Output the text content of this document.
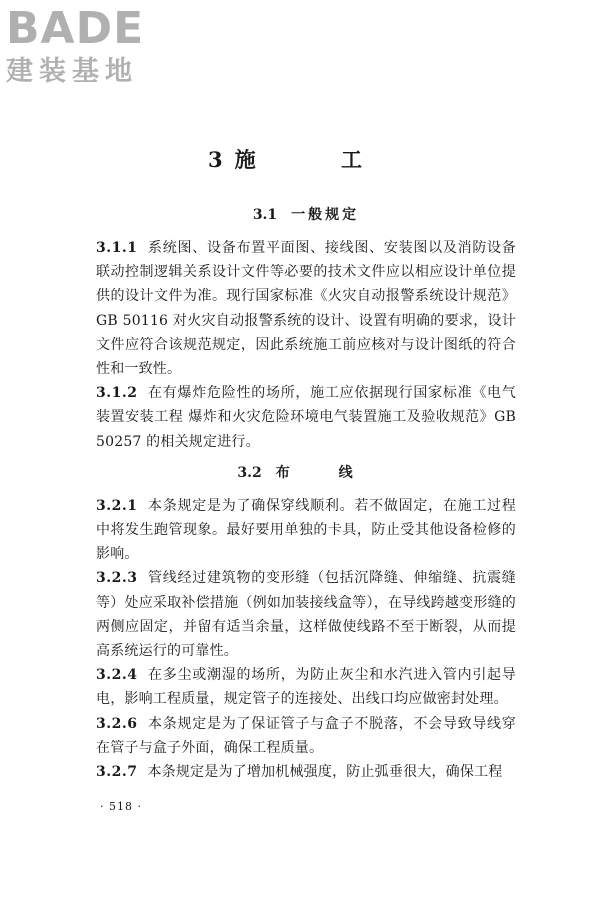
BADE
建装基地
3 施 工
3.1 一般规定

3.1.1 系统图、设备布置平面图、接线图、安装图以及消防设备联动控制逻辑关系设计文件等必要的技术文件应以相应设计单位提供的设计文件为准。现行国家标准《火灾自动报警系统设计规范》GB 50116 对火灾自动报警系统的设计、设置有明确的要求，设计文件应符合该规范规定，因此系统施工前应核对与设计图纸的符合性和一致性。

3.1.2 在有爆炸危险性的场所，施工应依据现行国家标准《电气装置安装工程 爆炸和火灾危险环境电气装置施工及验收规范》GB 50257 的相关规定进行。

3.2 布 线

3.2.1 本条规定是为了确保穿线顺利。若不做固定，在施工过程中将发生跑管现象。最好要用单独的卡具，防止受其他设备检修的影响。

3.2.3 管线经过建筑物的变形缝（包括沉降缝、伸缩缝、抗震缝等）处应采取补偿措施（例如加装接线盒等），在导线跨越变形缝的两侧应固定，并留有适当余量，这样做使线路不至于断裂，从而提高系统运行的可靠性。

3.2.4 在多尘或潮湿的场所，为防止灰尘和水汽进入管内引起导电，影响工程质量，规定管子的连接处、出线口均应做密封处理。

3.2.6 本条规定是为了保证管子与盒子不脱落，不会导致导线穿在管子与盒子外面，确保工程质量。

3.2.7 本条规定是为了增加机械强度，防止弧垂很大，确保工程

· 518 ·
